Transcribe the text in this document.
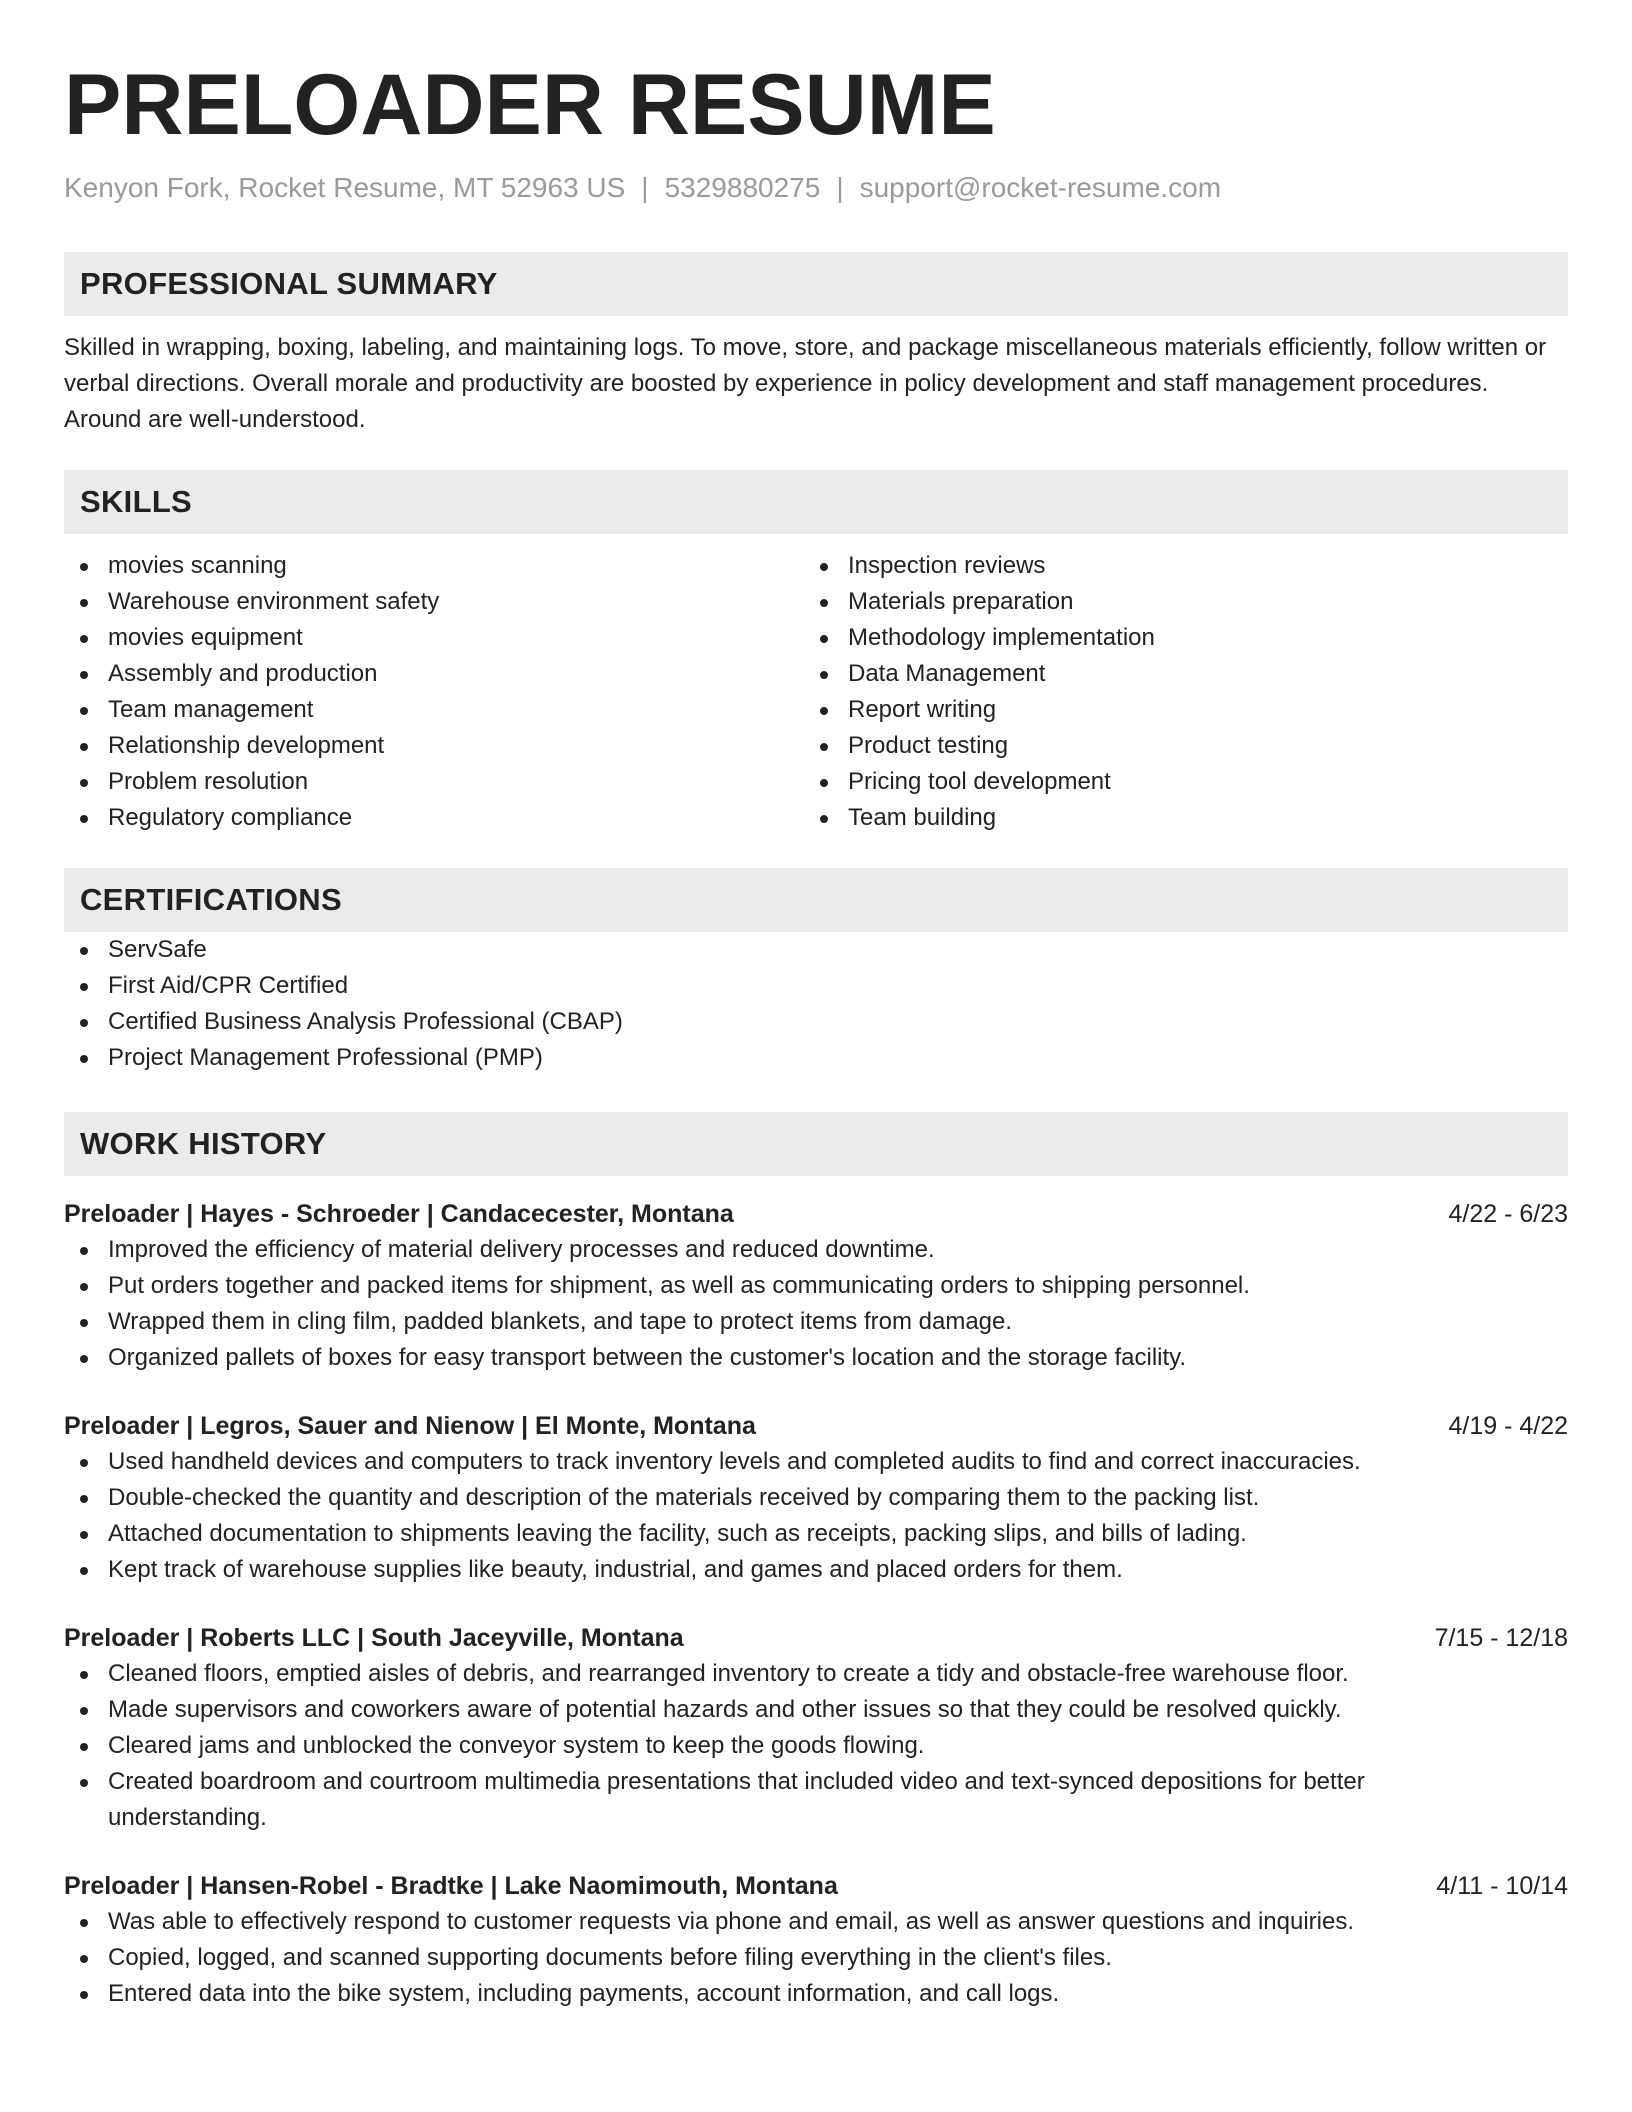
PRELOADER RESUME
Kenyon Fork, Rocket Resume, MT 52963 US | 5329880275 | support@rocket-resume.com
PROFESSIONAL SUMMARY
Skilled in wrapping, boxing, labeling, and maintaining logs. To move, store, and package miscellaneous materials efficiently, follow written or verbal directions. Overall morale and productivity are boosted by experience in policy development and staff management procedures. Around are well-understood.
SKILLS
movies scanning
Warehouse environment safety
movies equipment
Assembly and production
Team management
Relationship development
Problem resolution
Regulatory compliance
Inspection reviews
Materials preparation
Methodology implementation
Data Management
Report writing
Product testing
Pricing tool development
Team building
CERTIFICATIONS
ServSafe
First Aid/CPR Certified
Certified Business Analysis Professional (CBAP)
Project Management Professional (PMP)
WORK HISTORY
Preloader | Hayes - Schroeder | Candacecester, Montana	4/22 - 6/23
Improved the efficiency of material delivery processes and reduced downtime.
Put orders together and packed items for shipment, as well as communicating orders to shipping personnel.
Wrapped them in cling film, padded blankets, and tape to protect items from damage.
Organized pallets of boxes for easy transport between the customer's location and the storage facility.
Preloader | Legros, Sauer and Nienow | El Monte, Montana	4/19 - 4/22
Used handheld devices and computers to track inventory levels and completed audits to find and correct inaccuracies.
Double-checked the quantity and description of the materials received by comparing them to the packing list.
Attached documentation to shipments leaving the facility, such as receipts, packing slips, and bills of lading.
Kept track of warehouse supplies like beauty, industrial, and games and placed orders for them.
Preloader | Roberts LLC | South Jaceyville, Montana	7/15 - 12/18
Cleaned floors, emptied aisles of debris, and rearranged inventory to create a tidy and obstacle-free warehouse floor.
Made supervisors and coworkers aware of potential hazards and other issues so that they could be resolved quickly.
Cleared jams and unblocked the conveyor system to keep the goods flowing.
Created boardroom and courtroom multimedia presentations that included video and text-synced depositions for better understanding.
Preloader | Hansen-Robel - Bradtke | Lake Naomimouth, Montana	4/11 - 10/14
Was able to effectively respond to customer requests via phone and email, as well as answer questions and inquiries.
Copied, logged, and scanned supporting documents before filing everything in the client's files.
Entered data into the bike system, including payments, account information, and call logs.
